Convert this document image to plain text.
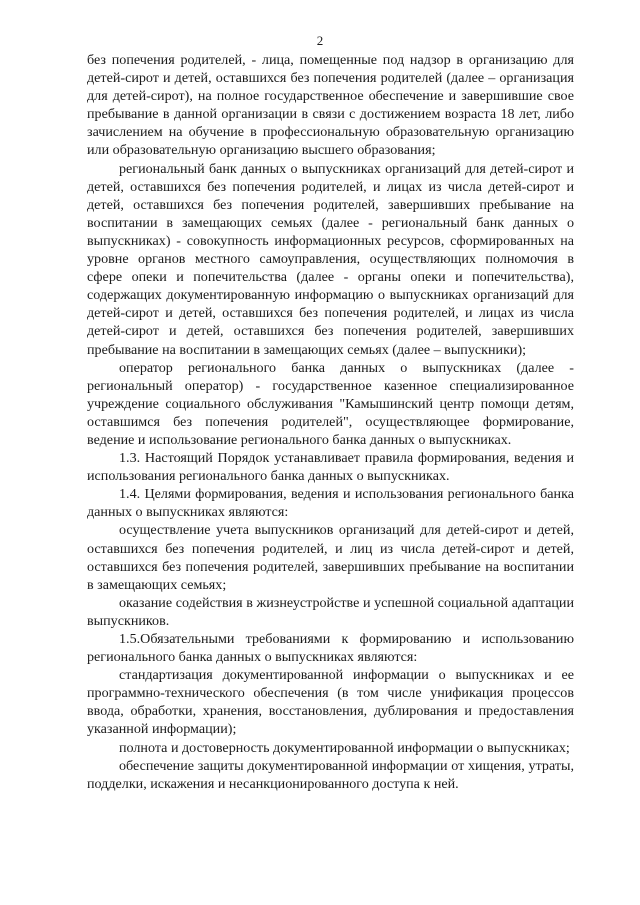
2

без попечения родителей, - лица, помещенные под надзор в организацию для детей-сирот и детей, оставшихся без попечения родителей (далее – организация для детей-сирот), на полное государственное обеспечение и завершившие свое пребывание в данной организации в связи с достижением возраста 18 лет, либо зачислением на обучение в профессиональную образовательную организацию или образовательную организацию высшего образования;

региональный банк данных о выпускниках организаций для детей-сирот и детей, оставшихся без попечения родителей, и лицах из числа детей-сирот и детей, оставшихся без попечения родителей, завершивших пребывание на воспитании в замещающих семьях (далее - региональный банк данных о выпускниках) - совокупность информационных ресурсов, сформированных на уровне органов местного самоуправления, осуществляющих полномочия в сфере опеки и попечительства (далее - органы опеки и попечительства), содержащих документированную информацию о выпускниках организаций для детей-сирот и детей, оставшихся без попечения родителей, и лицах из числа детей-сирот и детей, оставшихся без попечения родителей, завершивших пребывание на воспитании в замещающих семьях (далее – выпускники);

оператор регионального банка данных о выпускниках (далее - региональный оператор) - государственное казенное специализированное учреждение социального обслуживания "Камышинский центр помощи детям, оставшимся без попечения родителей", осуществляющее формирование, ведение и использование регионального банка данных о выпускниках.

1.3. Настоящий Порядок устанавливает правила формирования, ведения и использования регионального банка данных о выпускниках.

1.4. Целями формирования, ведения и использования регионального банка данных о выпускниках являются:

осуществление учета выпускников организаций для детей-сирот и детей, оставшихся без попечения родителей, и лиц из числа детей-сирот и детей, оставшихся без попечения родителей, завершивших пребывание на воспитании в замещающих семьях;

оказание содействия в жизнеустройстве и успешной социальной адаптации выпускников.

1.5.Обязательными требованиями к формированию и использованию регионального банка данных о выпускниках являются:

стандартизация документированной информации о выпускниках и ее программно-технического обеспечения (в том числе унификация процессов ввода, обработки, хранения, восстановления, дублирования и предоставления указанной информации);

полнота и достоверность документированной информации о выпускниках;

обеспечение защиты документированной информации от хищения, утраты, подделки, искажения и несанкционированного доступа к ней.
